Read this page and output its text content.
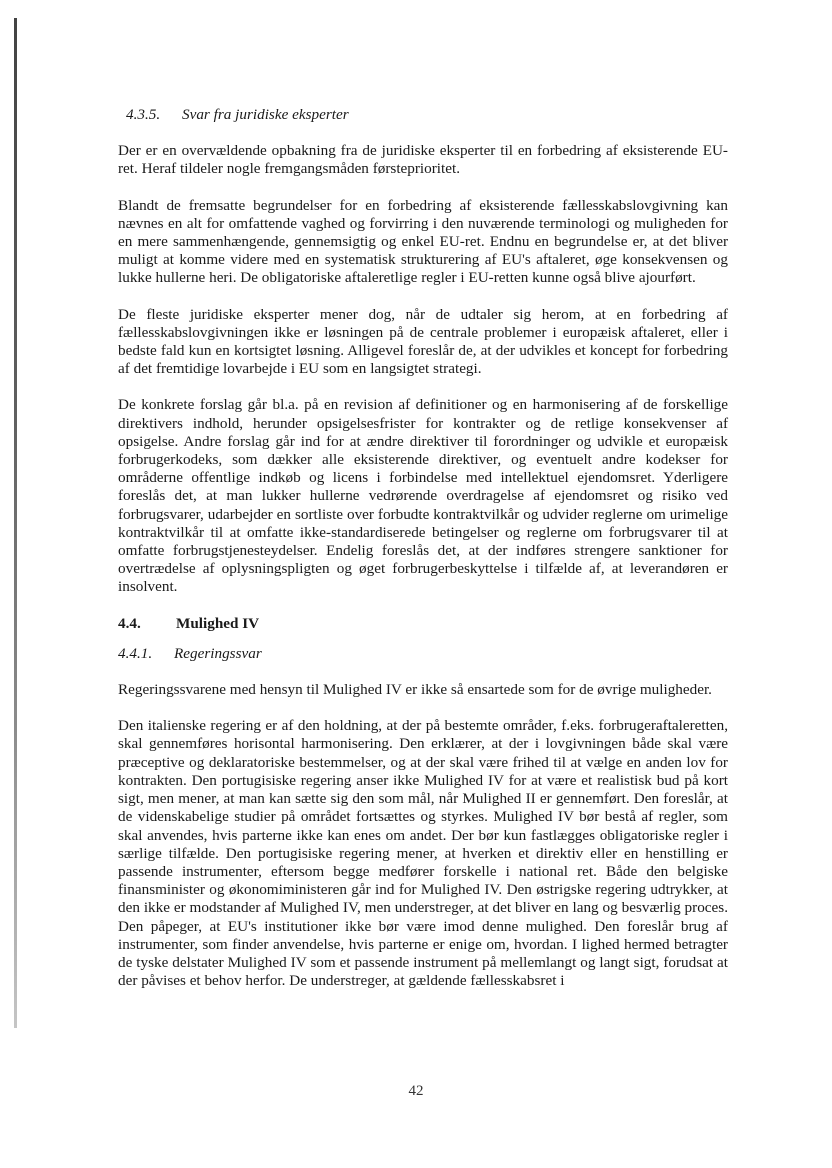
4.3.5. Svar fra juridiske eksperter

Der er en overvældende opbakning fra de juridiske eksperter til en forbedring af eksisterende EU-ret. Heraf tildeler nogle fremgangsmåden førsteprioritet.

Blandt de fremsatte begrundelser for en forbedring af eksisterende fællesskabslovgivning kan nævnes en alt for omfattende vaghed og forvirring i den nuværende terminologi og muligheden for en mere sammenhængende, gennemsigtig og enkel EU-ret. Endnu en begrundelse er, at det bliver muligt at komme videre med en systematisk strukturering af EU's aftaleret, øge konsekvensen og lukke hullerne heri. De obligatoriske aftaleretlige regler i EU-retten kunne også blive ajourført.

De fleste juridiske eksperter mener dog, når de udtaler sig herom, at en forbedring af fællesskabslovgivningen ikke er løsningen på de centrale problemer i europæisk aftaleret, eller i bedste fald kun en kortsigtet løsning. Alligevel foreslår de, at der udvikles et koncept for forbedring af det fremtidige lovarbejde i EU som en langsigtet strategi.

De konkrete forslag går bl.a. på en revision af definitioner og en harmonisering af de forskellige direktivers indhold, herunder opsigelsesfrister for kontrakter og de retlige konsekvenser af opsigelse. Andre forslag går ind for at ændre direktiver til forordninger og udvikle et europæisk forbrugerkodeks, som dækker alle eksisterende direktiver, og eventuelt andre kodekser for områderne offentlige indkøb og licens i forbindelse med intellektuel ejendomsret. Yderligere foreslås det, at man lukker hullerne vedrørende overdragelse af ejendomsret og risiko ved forbrugsvarer, udarbejder en sortliste over forbudte kontraktvilkår og udvider reglerne om urimelige kontraktvilkår til at omfatte ikke-standardiserede betingelser og reglerne om forbrugsvarer til at omfatte forbrugstjenesteydelser. Endelig foreslås det, at der indføres strengere sanktioner for overtrædelse af oplysningspligten og øget forbrugerbeskyttelse i tilfælde af, at leverandøren er insolvent.

4.4. Mulighed IV
4.4.1. Regeringssvar

Regeringssvarene med hensyn til Mulighed IV er ikke så ensartede som for de øvrige muligheder.

Den italienske regering er af den holdning, at der på bestemte områder, f.eks. forbrugeraftaleretten, skal gennemføres horisontal harmonisering. Den erklærer, at der i lovgivningen både skal være præceptive og deklaratoriske bestemmelser, og at der skal være frihed til at vælge en anden lov for kontrakten. Den portugisiske regering anser ikke Mulighed IV for at være et realistisk bud på kort sigt, men mener, at man kan sætte sig den som mål, når Mulighed II er gennemført. Den foreslår, at de videnskabelige studier på området fortsættes og styrkes. Mulighed IV bør bestå af regler, som skal anvendes, hvis parterne ikke kan enes om andet. Der bør kun fastlægges obligatoriske regler i særlige tilfælde. Den portugisiske regering mener, at hverken et direktiv eller en henstilling er passende instrumenter, eftersom begge medfører forskelle i national ret. Både den belgiske finansminister og økonomiministeren går ind for Mulighed IV. Den østrigske regering udtrykker, at den ikke er modstander af Mulighed IV, men understreger, at det bliver en lang og besværlig proces. Den påpeger, at EU's institutioner ikke bør være imod denne mulighed. Den foreslår brug af instrumenter, som finder anvendelse, hvis parterne er enige om, hvordan. I lighed hermed betragter de tyske delstater Mulighed IV som et passende instrument på mellemlangt og langt sigt, forudsat at der påvises et behov herfor. De understreger, at gældende fællesskabsret i

42
